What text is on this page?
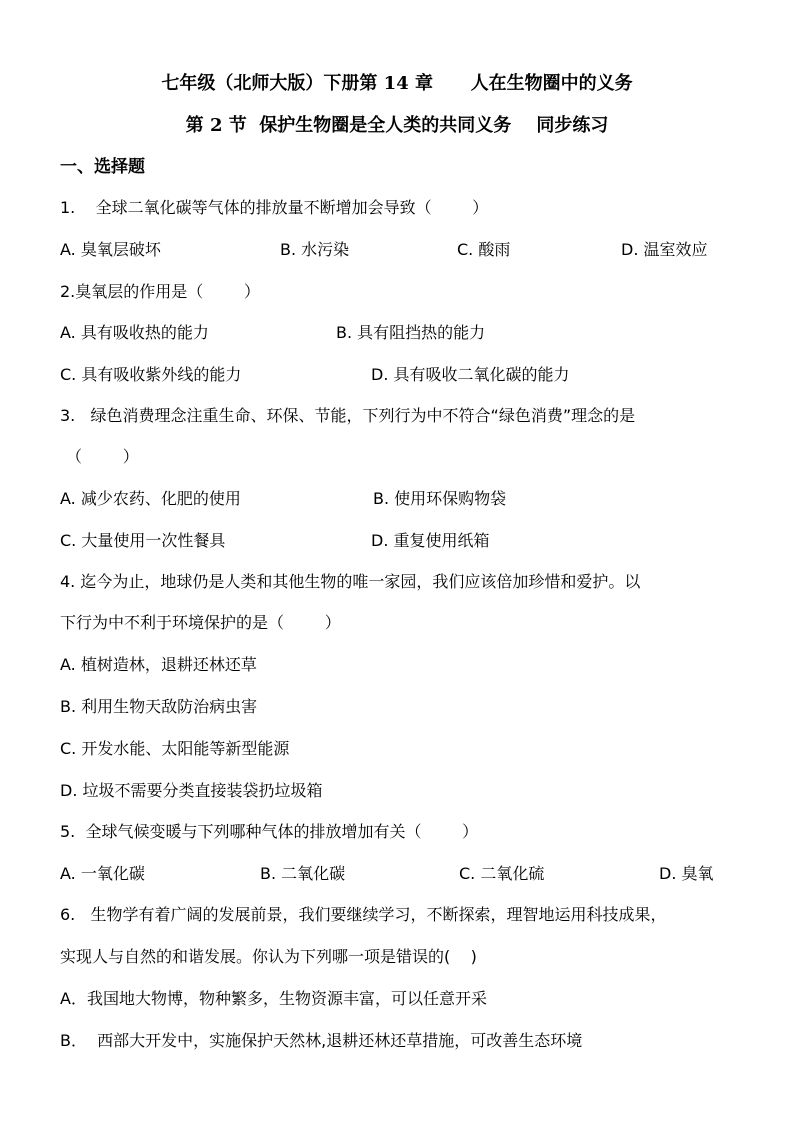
七年级（北师大版）下册第 14 章      人在生物圈中的义务
第 2 节  保护生物圈是全人类的共同义务    同步练习
一、选择题
1.    全球二氧化碳等气体的排放量不断增加会导致（        ）
A. 臭氧层破坏	B. 水污染	C. 酸雨	D. 温室效应
2.臭氧层的作用是（        ）
A. 具有吸收热的能力	B. 具有阻挡热的能力
C. 具有吸收紫外线的能力	D. 具有吸收二氧化碳的能力
3.   绿色消费理念注重生命、环保、节能，下列行为中不符合“绿色消费”理念的是
（        ）
A. 减少农药、化肥的使用	B. 使用环保购物袋
C. 大量使用一次性餐具	D. 重复使用纸箱
4. 迄今为止，地球仍是人类和其他生物的唯一家园，我们应该倍加珍惜和爱护。以
下行为中不利于环境保护的是（        ）
A. 植树造林，退耕还林还草
B. 利用生物天敌防治病虫害
C. 开发水能、太阳能等新型能源
D. 垃圾不需要分类直接装袋扔垃圾箱
5.  全球气候变暖与下列哪种气体的排放增加有关（        ）
A. 一氧化碳	B. 二氧化碳	C. 二氧化硫	D. 臭氧
6.   生物学有着广阔的发展前景，我们要继续学习，不断探索，理智地运用科技成果，
实现人与自然的和谐发展。你认为下列哪一项是错误的(    )
A．我国地大物博，物种繁多，生物资源丰富，可以任意开采
B．  西部大开发中，实施保护天然林,退耕还林还草措施，可改善生态环境
